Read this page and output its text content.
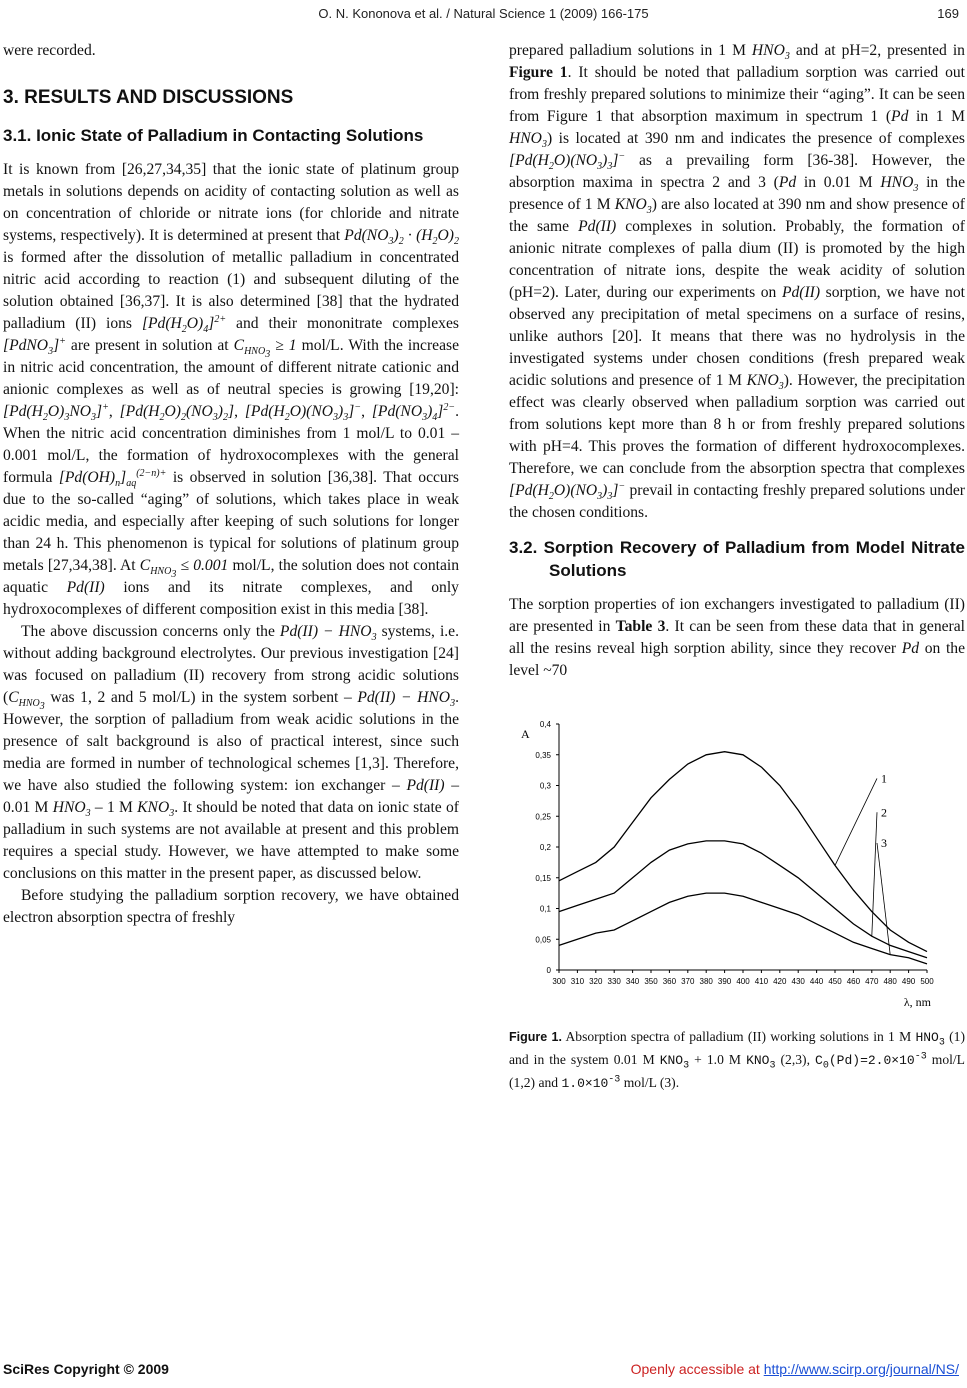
O. N. Kononova et al. / Natural Science 1 (2009) 166-175	169

were recorded.

3. RESULTS AND DISCUSSIONS
3.1. Ionic State of Palladium in Contacting Solutions

It is known from [26,27,34,35] that the ionic state of platinum group metals in solutions depends on acidity of contacting solution as well as on concentration of chloride or nitrate ions (for chloride and nitrate systems, respectively). It is determined at present that $Pd(NO_3)_2 \cdot (H_2O)_2$ is formed after the dissolution of metallic palladium in concentrated nitric acid according to reaction (1) and subsequent diluting of the solution obtained [36,37]. It is also determined [38] that the hydrated palladium (II) ions $[Pd(H_2O)_4]^{2+}$ and their mononitrate complexes [PdNO$_3$]+ are present in solution at $C_{HNO_3} \ge 1$ mol/L. With the increase in nitric acid concentration, the amount of different nitrate cationic and anionic complexes as well as of neutral species is growing [19,20]: $[Pd(H_2O)_3NO_3]^+$, $[Pd(H_2O)_2(NO_3)_2]$, $[Pd(H_2O)(NO_3)_3]^-$, $[Pd(NO_3)_4]^{2-}$. When the nitric acid concentration diminishes from 1 mol/L to 0.01 – 0.001 mol/L, the formation of hydroxocomplexes with the general formula $[Pd(OH)_n]_{aq}^{(2-n)+}$ is observed in solution [36,38]. That occurs due to the so-called “aging” of solutions, which takes place in weak acidic media, and especially after keeping of such solutions for longer than 24 h. This phenomenon is typical for solutions of platinum group metals [27,34,38]. At $C_{HNO_3} \le 0.001$ mol/L, the solution does not contain aquatic Pd(II) ions and its nitrate complexes, and only hydroxocomplexes of different composition exist in this media [38].

The above discussion concerns only the $Pd(II) - HNO_3$ systems, i.e. without adding background electrolytes. Our previous investigation [24] was focused on palladium (II) recovery from strong acidic solutions ($C_{HNO_3}$ was 1, 2 and 5 mol/L) in the system sorbent – $Pd(II) - HNO_3$. However, the sorption of palladium from weak acidic solutions in the presence of salt background is also of practical interest, since such media are formed in number of technological schemes [1,3]. Therefore, we have also studied the following system: ion exchanger – Pd(II) – 0.01 M $HNO_3 - 1$ M $KNO_3$. It should be noted that data on ionic state of palladium in such systems are not available at present and this problem requires a special study. However, we have attempted to make some conclusions on this matter in the present paper, as discussed below.

Before studying the palladium sorption recovery, we have obtained electron absorption spectra of freshly

prepared palladium solutions in 1 M $HNO_3$ and at pH=2, presented in Figure 1. It should be noted that palladium sorption was carried out from freshly prepared solutions to minimize their “aging”. It can be seen from Figure 1 that absorption maximum in spectrum 1 (Pd in 1 M $HNO_3$) is located at 390 nm and indicates the presence of complexes $[Pd(H_2O)(NO_3)_3]^-$ as a prevailing form [36-38]. However, the absorption maxima in spectra 2 and 3 (Pd in 0.01 M $HNO_3$ in the presence of 1 M $KNO_3$) are also located at 390 nm and show presence of the same Pd(II) complexes in solution. Probably, the formation of anionic nitrate complexes of palla dium (II) is promoted by the high concentration of nitrate ions, despite the weak acidity of solution (pH=2). Later, during our experiments on Pd(II) sorption, we have not observed any precipitation of metal specimens on a surface of resins, unlike authors [20]. It means that there was no hydrolysis in the investigated systems under chosen conditions (fresh prepared weak acidic solutions and presence of 1 M $KNO_3$). However, the precipitation effect was clearly observed when palladium sorption was carried out from solutions kept more than 8 h or from freshly prepared solutions with pH=4. This proves the formation of different hydroxocomplexes. Therefore, we can conclude from the absorption spectra that complexes $[Pd(H_2O)(NO_3)_3]^-$ prevail in contacting freshly prepared solutions under the chosen conditions.

3.2. Sorption Recovery of Palladium from Model Nitrate Solutions

The sorption properties of ion exchangers investigated to palladium (II) are presented in Table 3. It can be seen from these data that in general all the resins reveal high sorption ability, since they recover Pd on the level ~70

0
0,05
0,1
0,15
0,2
0,25
0,3
0,35
0,4
300 310 320 330 340 350 360 370 380 390 400 410 420 430 440 450 460 470 480 490 500
A
λ, nm
1
2
3

Figure 1. Absorption spectra of palladium (II) working solutions in 1 M $HNO_3$ (1) and in the system 0.01 M $KNO_3 + 1.0$ M $KNO_3$ (2,3), $C_0(Pd)=2.0\times 10^{-3}$ mol/L (1,2) and $1.0\times 10^{-3}$ mol/L (3).

SciRes Copyright © 2009	Openly accessible at http://www.scirp.org/journal/NS/
